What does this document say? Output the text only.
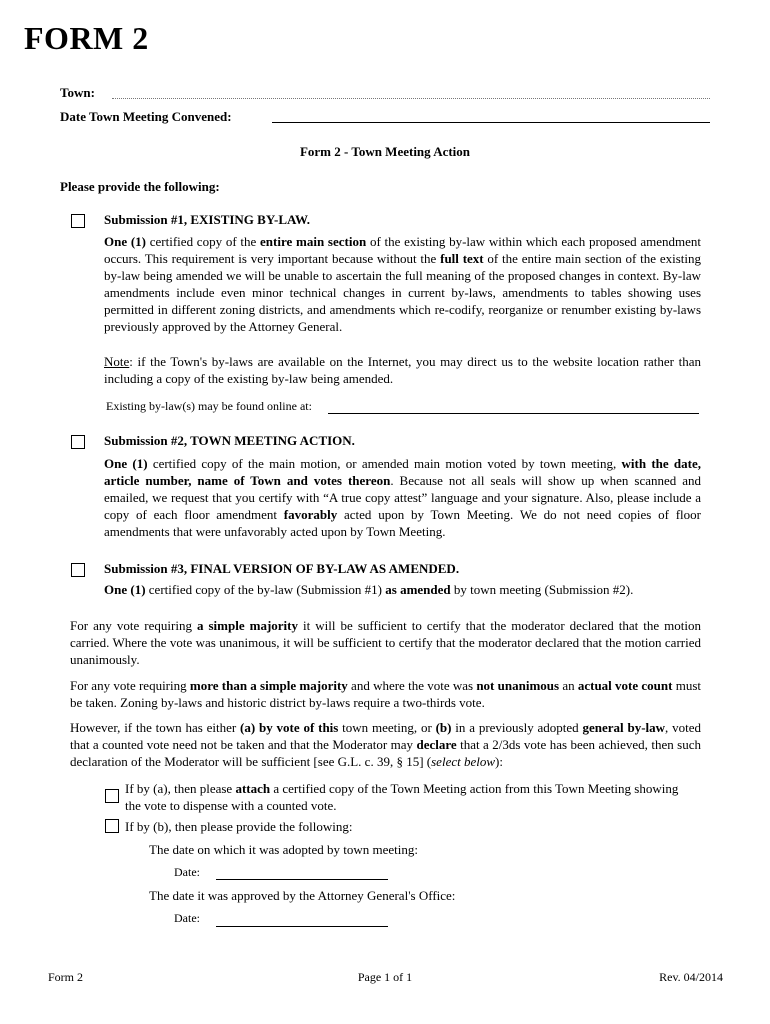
FORM 2
Town:
Date Town Meeting Convened:
Form 2 - Town Meeting Action
Please provide the following:
Submission #1, EXISTING BY-LAW.
One (1) certified copy of the entire main section of the existing by-law within which each proposed amendment occurs. This requirement is very important because without the full text of the entire main section of the existing by-law being amended we will be unable to ascertain the full meaning of the proposed changes in context. By-law amendments include even minor technical changes in current by-laws, amendments to tables showing uses permitted in different zoning districts, and amendments which re-codify, reorganize or renumber existing by-laws previously approved by the Attorney General.
Note: if the Town's by-laws are available on the Internet, you may direct us to the website location rather than including a copy of the existing by-law being amended.
Existing by-law(s) may be found online at:
Submission #2, TOWN MEETING ACTION.
One (1) certified copy of the main motion, or amended main motion voted by town meeting, with the date, article number, name of Town and votes thereon. Because not all seals will show up when scanned and emailed, we request that you certify with “A true copy attest” language and your signature. Also, please include a copy of each floor amendment favorably acted upon by Town Meeting. We do not need copies of floor amendments that were unfavorably acted upon by Town Meeting.
Submission #3, FINAL VERSION OF BY-LAW AS AMENDED.
One (1) certified copy of the by-law (Submission #1) as amended by town meeting (Submission #2).
For any vote requiring a simple majority it will be sufficient to certify that the moderator declared that the motion carried. Where the vote was unanimous, it will be sufficient to certify that the moderator declared that the motion carried unanimously.
For any vote requiring more than a simple majority and where the vote was not unanimous an actual vote count must be taken. Zoning by-laws and historic district by-laws require a two-thirds vote.
However, if the town has either (a) by vote of this town meeting, or (b) in a previously adopted general by-law, voted that a counted vote need not be taken and that the Moderator may declare that a 2/3ds vote has been achieved, then such declaration of the Moderator will be sufficient [see G.L. c. 39, § 15] (select below):
If by (a), then please attach a certified copy of the Town Meeting action from this Town Meeting showing the vote to dispense with a counted vote.
If by (b), then please provide the following:
The date on which it was adopted by town meeting:
Date:
The date it was approved by the Attorney General's Office:
Date:
Form 2	Page 1 of 1	Rev. 04/2014
